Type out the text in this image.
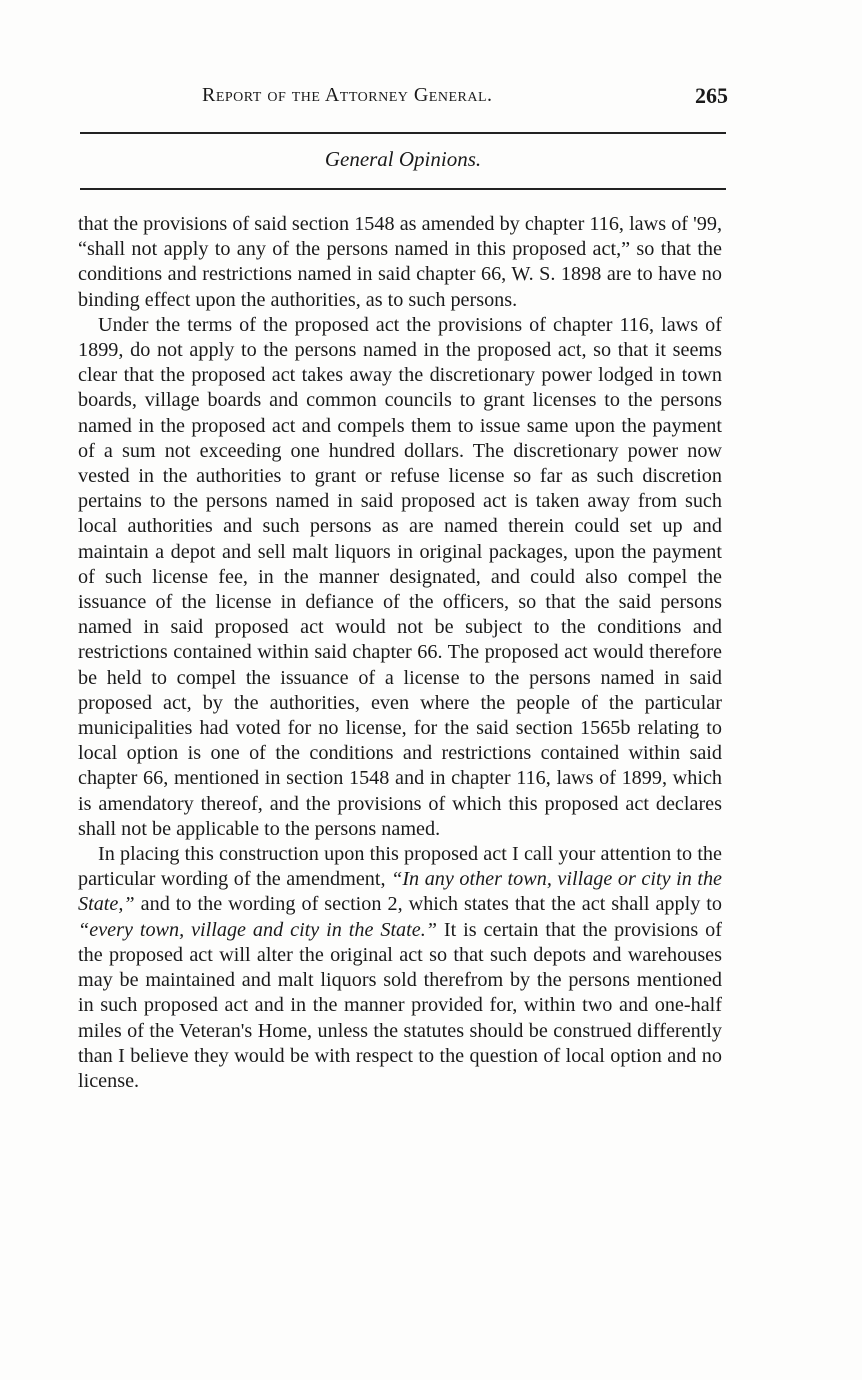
Report of the Attorney General.	265
General Opinions.

that the provisions of said section 1548 as amended by chapter 116, laws of '99, “shall not apply to any of the persons named in this proposed act,” so that the conditions and restrictions named in said chapter 66, W. S. 1898 are to have no binding effect upon the authorities, as to such persons.

Under the terms of the proposed act the provisions of chapter 116, laws of 1899, do not apply to the persons named in the proposed act, so that it seems clear that the proposed act takes away the discretionary power lodged in town boards, village boards and common councils to grant licenses to the persons named in the proposed act and compels them to issue same upon the payment of a sum not exceeding one hundred dollars. The discretionary power now vested in the authorities to grant or refuse license so far as such discretion pertains to the persons named in said proposed act is taken away from such local authorities and such persons as are named therein could set up and maintain a depot and sell malt liquors in original packages, upon the payment of such license fee, in the manner designated, and could also compel the issuance of the license in defiance of the officers, so that the said persons named in said proposed act would not be subject to the conditions and restrictions contained within said chapter 66. The proposed act would therefore be held to compel the issuance of a license to the persons named in said proposed act, by the authorities, even where the people of the particular municipalities had voted for no license, for the said section 1565b relating to local option is one of the conditions and restrictions contained within said chapter 66, mentioned in section 1548 and in chapter 116, laws of 1899, which is amendatory thereof, and the provisions of which this proposed act declares shall not be applicable to the persons named.

In placing this construction upon this proposed act I call your attention to the particular wording of the amendment, “In any other town, village or city in the State,” and to the wording of section 2, which states that the act shall apply to “every town, village and city in the State.” It is certain that the provisions of the proposed act will alter the original act so that such depots and warehouses may be maintained and malt liquors sold therefrom by the persons mentioned in such proposed act and in the manner provided for, within two and one-half miles of the Veteran's Home, unless the statutes should be construed differently than I believe they would be with respect to the question of local option and no license.
